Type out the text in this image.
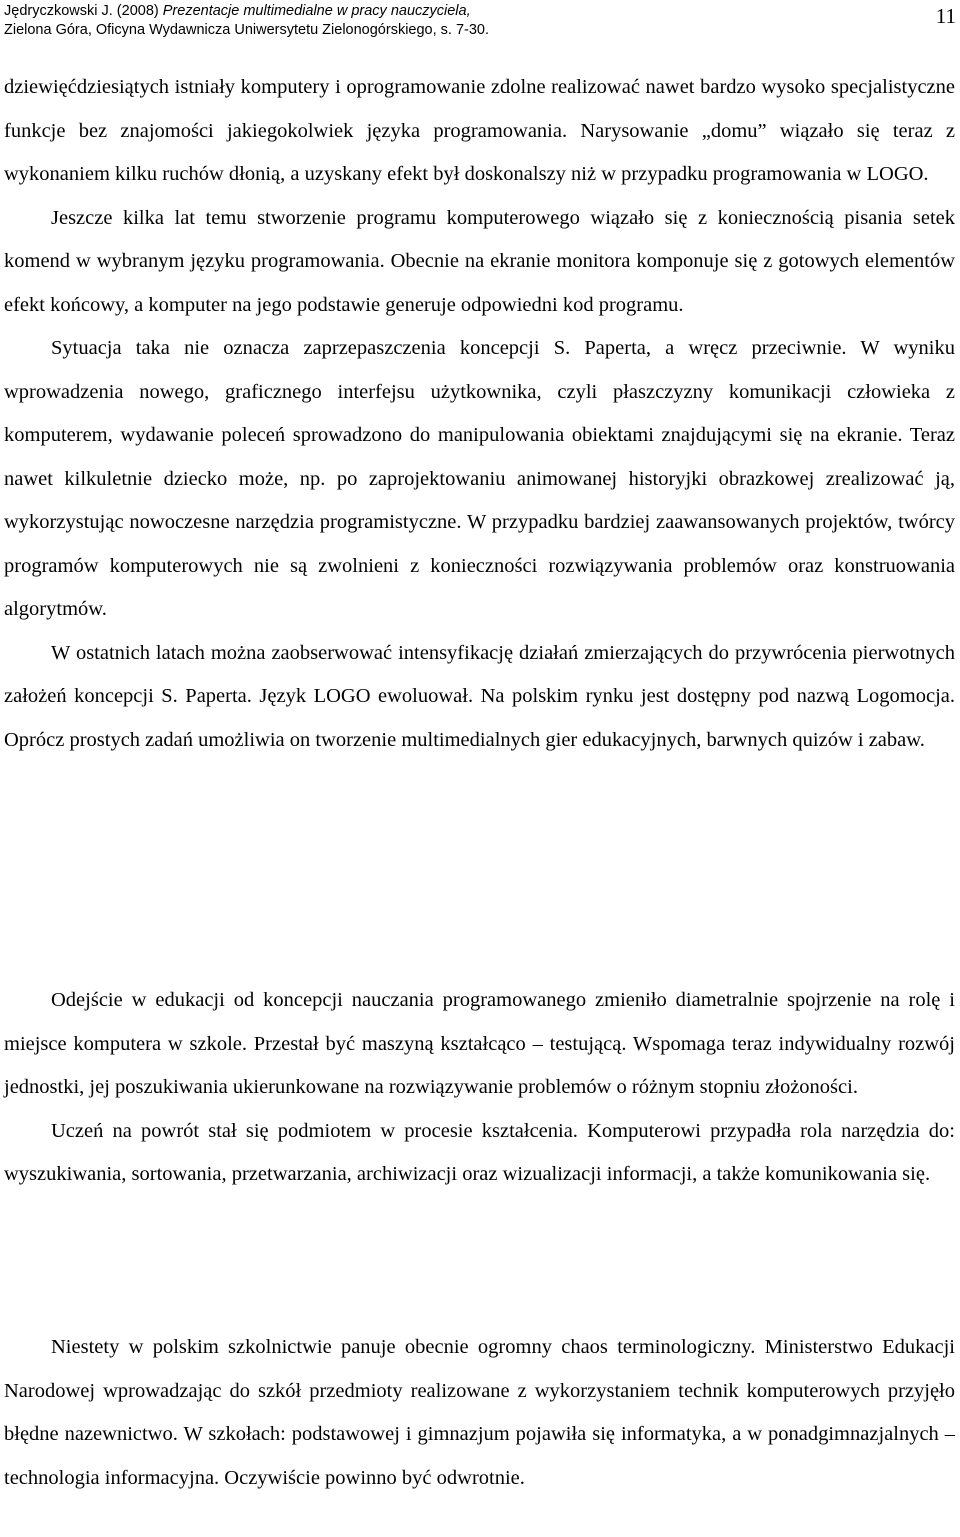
Jędryczkowski J. (2008) Prezentacje multimedialne w pracy nauczyciela,
Zielona Góra, Oficyna Wydawnicza Uniwersytetu Zielonogórskiego, s. 7-30.
11

dziewięćdziesiątych istniały komputery i oprogramowanie zdolne realizować nawet bardzo wysoko specjalistyczne funkcje bez znajomości jakiegokolwiek języka programowania. Narysowanie „domu” wiązało się teraz z wykonaniem kilku ruchów dłonią, a uzyskany efekt był doskonalszy niż w przypadku programowania w LOGO.

Jeszcze kilka lat temu stworzenie programu komputerowego wiązało się z koniecznością pisania setek komend w wybranym języku programowania. Obecnie na ekranie monitora komponuje się z gotowych elementów efekt końcowy, a komputer na jego podstawie generuje odpowiedni kod programu.

Sytuacja taka nie oznacza zaprzepaszczenia koncepcji S. Paperta, a wręcz przeciwnie. W wyniku wprowadzenia nowego, graficznego interfejsu użytkownika, czyli płaszczyzny komunikacji człowieka z komputerem, wydawanie poleceń sprowadzono do manipulowania obiektami znajdującymi się na ekranie. Teraz nawet kilkuletnie dziecko może, np. po zaprojektowaniu animowanej historyjki obrazkowej zrealizować ją, wykorzystując nowoczesne narzędzia programistyczne. W przypadku bardziej zaawansowanych projektów, twórcy programów komputerowych nie są zwolnieni z konieczności rozwiązywania problemów oraz konstruowania algorytmów.

W ostatnich latach można zaobserwować intensyfikację działań zmierzających do przywrócenia pierwotnych założeń koncepcji S. Paperta. Język LOGO ewoluował. Na polskim rynku jest dostępny pod nazwą Logomocja. Oprócz prostych zadań umożliwia on tworzenie multimedialnych gier edukacyjnych, barwnych quizów i zabaw.

Odejście w edukacji od koncepcji nauczania programowanego zmieniło diametralnie spojrzenie na rolę i miejsce komputera w szkole. Przestał być maszyną kształcąco – testującą. Wspomaga teraz indywidualny rozwój jednostki, jej poszukiwania ukierunkowane na rozwiązywanie problemów o różnym stopniu złożoności.

Uczeń na powrót stał się podmiotem w procesie kształcenia. Komputerowi przypadła rola narzędzia do: wyszukiwania, sortowania, przetwarzania, archiwizacji oraz wizualizacji informacji, a także komunikowania się.

Niestety w polskim szkolnictwie panuje obecnie ogromny chaos terminologiczny. Ministerstwo Edukacji Narodowej wprowadzając do szkół przedmioty realizowane z wykorzystaniem technik komputerowych przyjęło błędne nazewnictwo. W szkołach: podstawowej i gimnazjum pojawiła się informatyka, a w ponadgimnazjalnych – technologia informacyjna. Oczywiście powinno być odwrotnie.
